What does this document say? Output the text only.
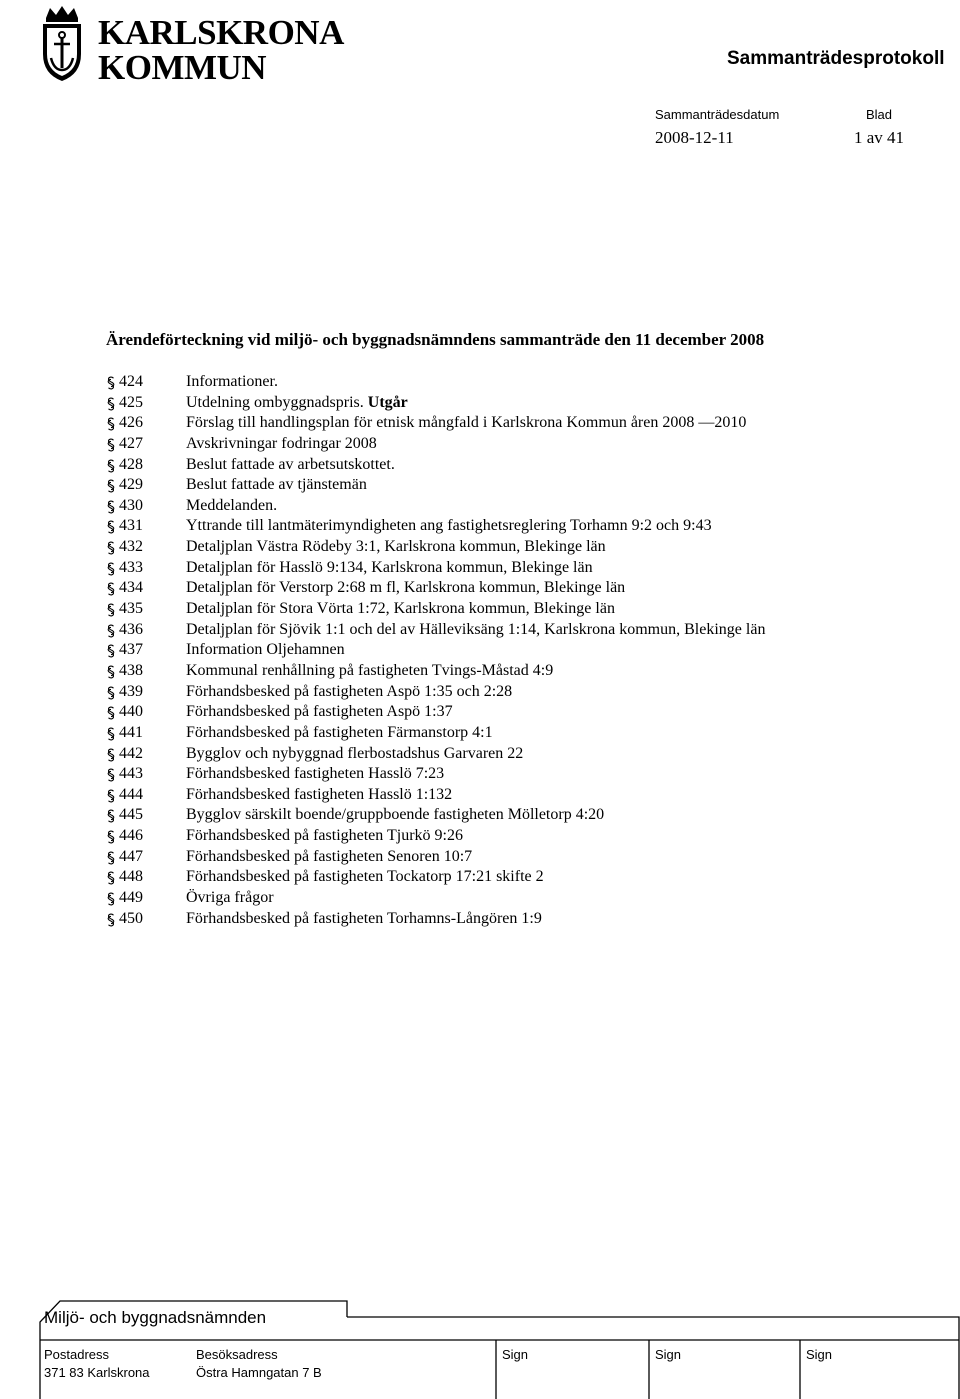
KARLSKRONA
KOMMUN	Sammanträdesprotokoll
Sammanträdesdatum	Blad
2008-12-11	1 av 41
Ärendeförteckning vid miljö- och byggnadsnämndens sammanträde den 11 december 2008
424	Informationer.
425	Utdelning ombyggnadspris. Utgår
426	Förslag till handlingsplan för etnisk mångfald i Karlskrona Kommun åren 2008 —2010
427	Avskrivningar fodringar 2008
428	Beslut fattade av arbetsutskottet.
429	Beslut fattade av tjänstemän
430	Meddelanden.
431	Yttrande till lantmäterimyndigheten ang fastighetsreglering Torhamn 9:2 och 9:43
432	Detaljplan Västra Rödeby 3:1, Karlskrona kommun, Blekinge län
433	Detaljplan för Hasslö 9:134, Karlskrona kommun, Blekinge län
434	Detaljplan för Verstorp 2:68 m fl, Karlskrona kommun, Blekinge län
435	Detaljplan för Stora Vörta 1:72, Karlskrona kommun, Blekinge län
436	Detaljplan för Sjövik 1:1 och del av Hälleviksäng 1:14, Karlskrona kommun, Blekinge län
437	Information Oljehamnen
438	Kommunal renhållning på fastigheten Tvings-Måstad 4:9
439	Förhandsbesked på fastigheten Aspö 1:35 och 2:28
440	Förhandsbesked på fastigheten Aspö 1:37
441	Förhandsbesked på fastigheten Färmanstorp 4:1
442	Bygglov och nybyggnad flerbostadshus Garvaren 22
443	Förhandsbesked fastigheten Hasslö 7:23
444	Förhandsbesked fastigheten Hasslö 1:132
445	Bygglov särskilt boende/gruppboende fastigheten Mölletorp 4:20
446	Förhandsbesked på fastigheten Tjurkö 9:26
447	Förhandsbesked på fastigheten Senoren 10:7
448	Förhandsbesked på fastigheten Tockatorp 17:21 skifte 2
449	Övriga frågor
450	Förhandsbesked på fastigheten Torhamns-Långören 1:9
Miljö- och byggnadsnämnden
Postadress
371 83 Karlskrona
Besöksadress
Östra Hamngatan 7 B
Sign	Sign	Sign
